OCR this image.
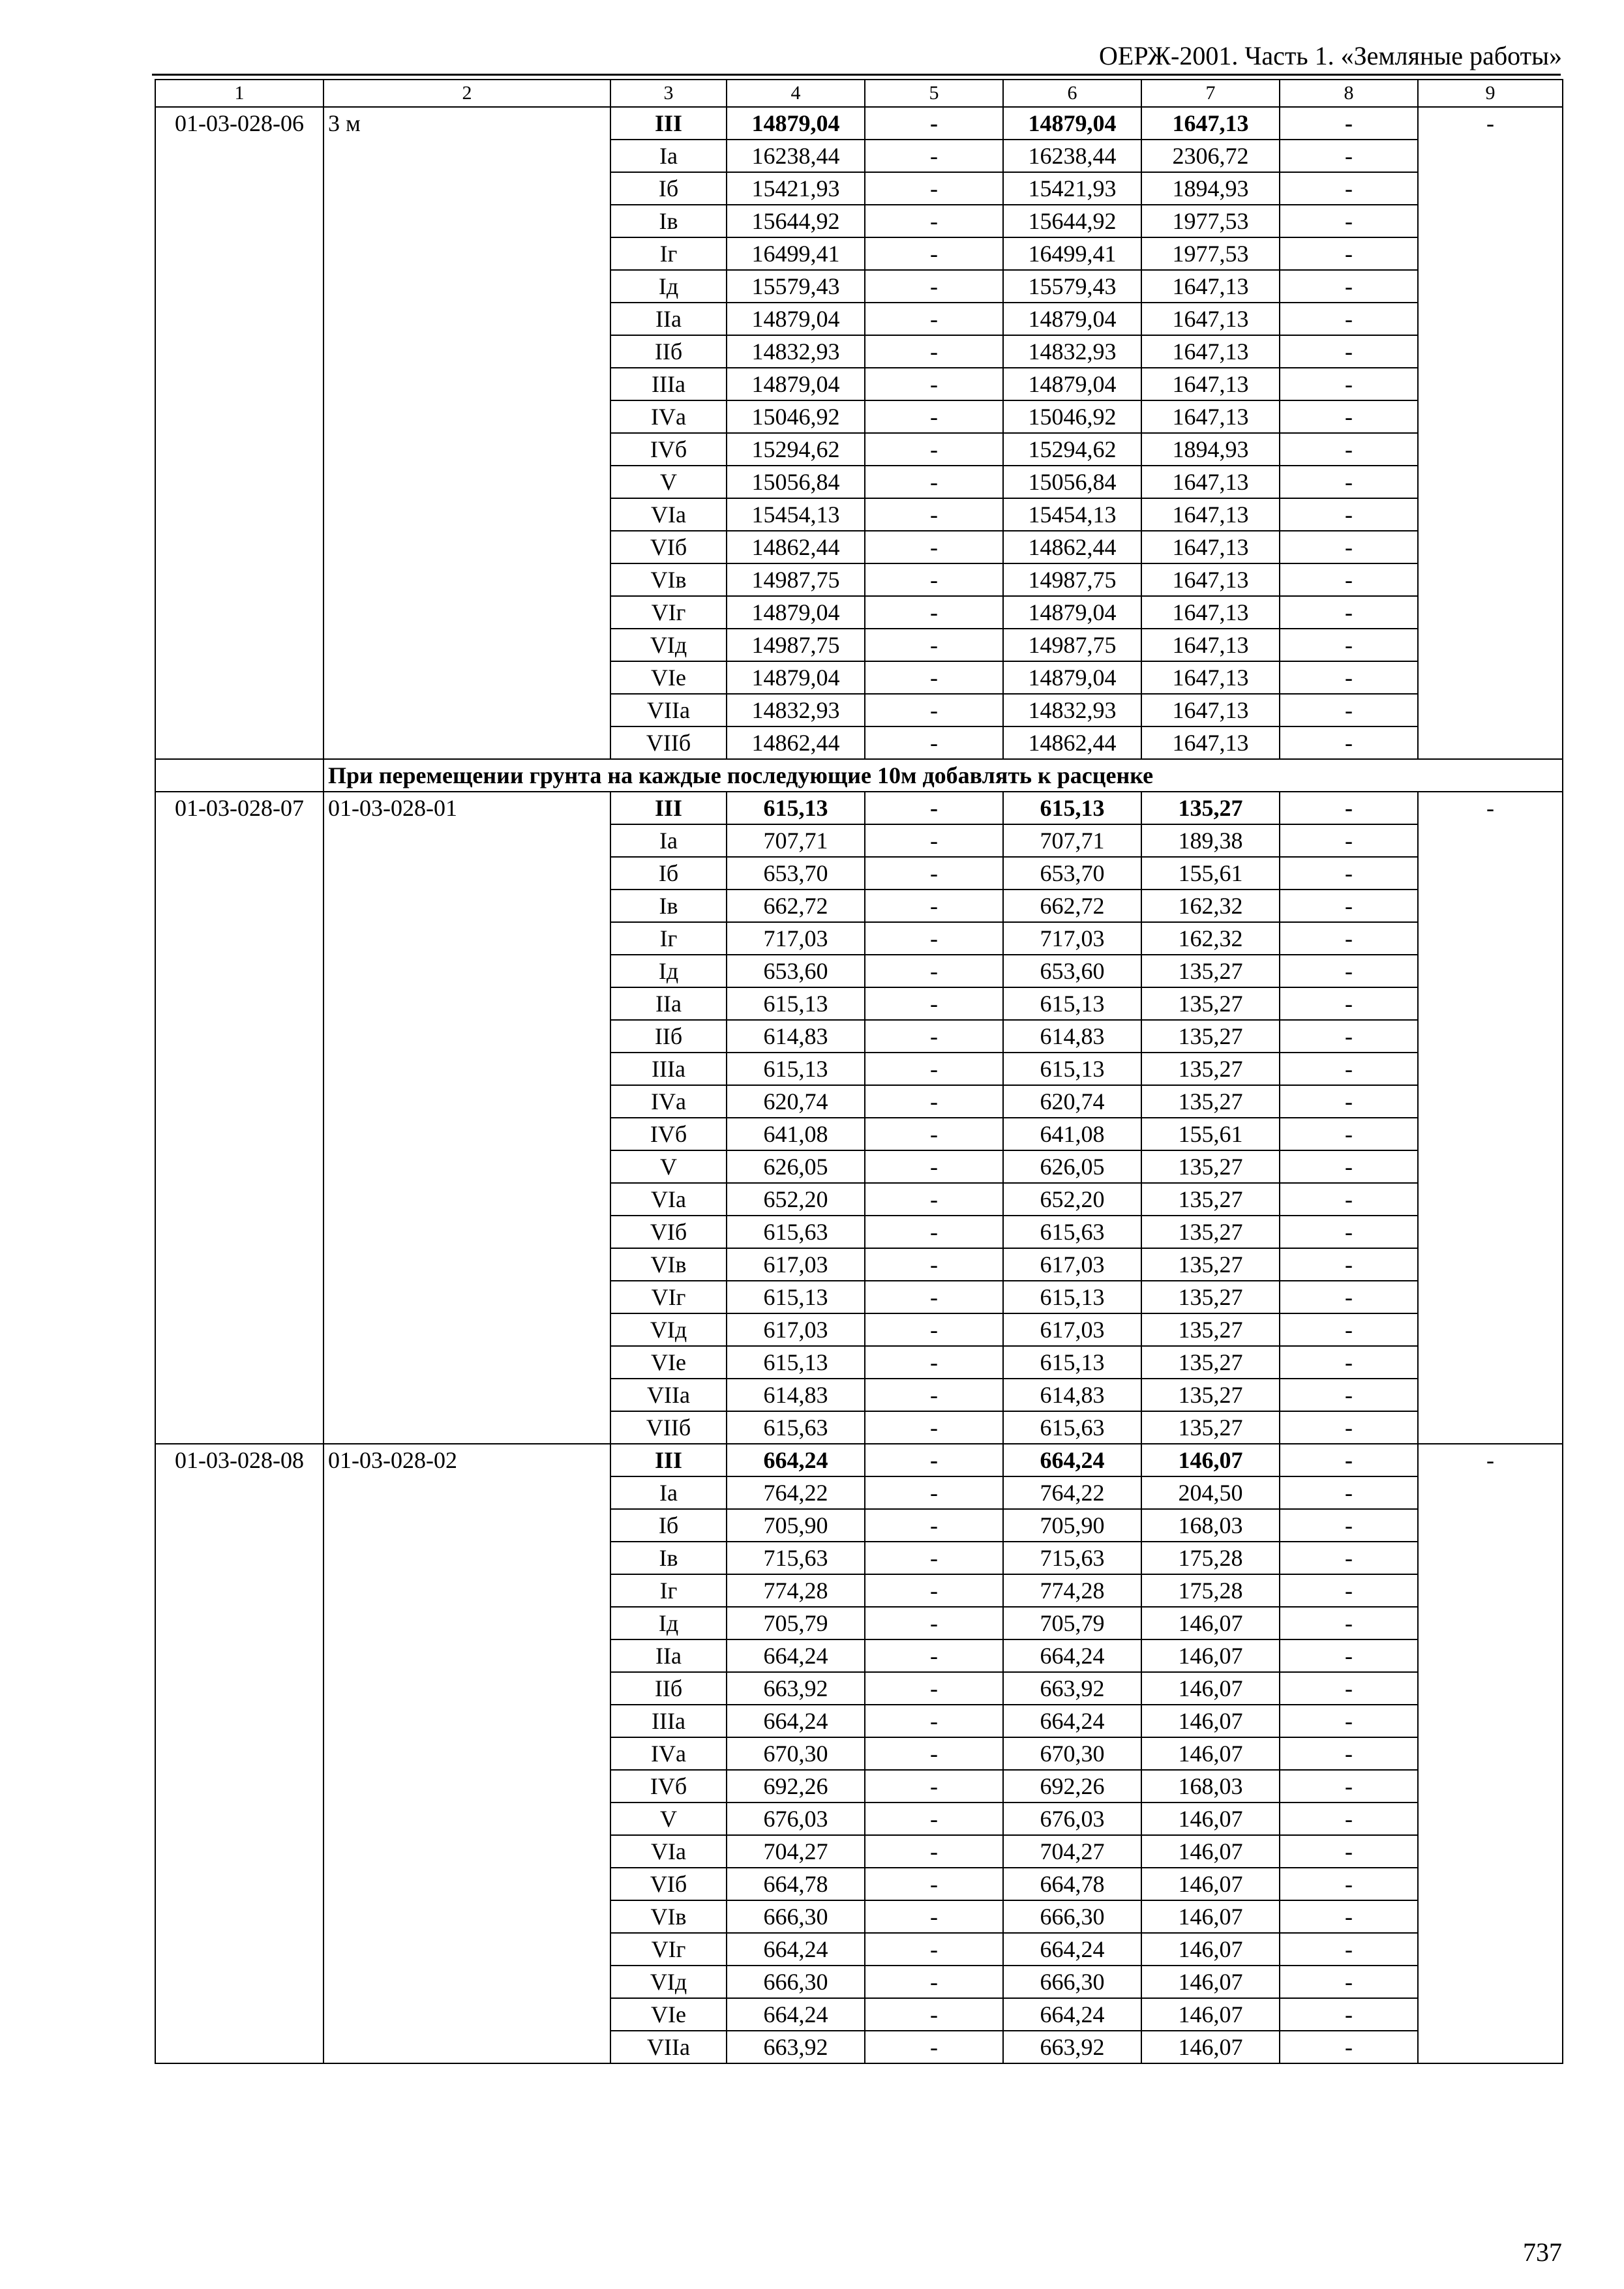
ОЕРЖ-2001. Часть 1. «Земляные работы»
1	2	3	4	5	6	7	8	9
01-03-028-06	3 м	III	14879,04	-	14879,04	1647,13	-	-
		Iа	16238,44	-	16238,44	2306,72	-	
		Iб	15421,93	-	15421,93	1894,93	-	
		Iв	15644,92	-	15644,92	1977,53	-	
		Iг	16499,41	-	16499,41	1977,53	-	
		Iд	15579,43	-	15579,43	1647,13	-	
		IIа	14879,04	-	14879,04	1647,13	-	
		IIб	14832,93	-	14832,93	1647,13	-	
		IIIа	14879,04	-	14879,04	1647,13	-	
		IVа	15046,92	-	15046,92	1647,13	-	
		IVб	15294,62	-	15294,62	1894,93	-	
		V	15056,84	-	15056,84	1647,13	-	
		VIа	15454,13	-	15454,13	1647,13	-	
		VIб	14862,44	-	14862,44	1647,13	-	
		VIв	14987,75	-	14987,75	1647,13	-	
		VIг	14879,04	-	14879,04	1647,13	-	
		VIд	14987,75	-	14987,75	1647,13	-	
		VIе	14879,04	-	14879,04	1647,13	-	
		VIIа	14832,93	-	14832,93	1647,13	-	
		VIIб	14862,44	-	14862,44	1647,13	-	
	При перемещении грунта на каждые последующие 10м добавлять к расценке							
01-03-028-07	01-03-028-01	III	615,13	-	615,13	135,27	-	-
		Iа	707,71	-	707,71	189,38	-	
		Iб	653,70	-	653,70	155,61	-	
		Iв	662,72	-	662,72	162,32	-	
		Iг	717,03	-	717,03	162,32	-	
		Iд	653,60	-	653,60	135,27	-	
		IIа	615,13	-	615,13	135,27	-	
		IIб	614,83	-	614,83	135,27	-	
		IIIа	615,13	-	615,13	135,27	-	
		IVа	620,74	-	620,74	135,27	-	
		IVб	641,08	-	641,08	155,61	-	
		V	626,05	-	626,05	135,27	-	
		VIа	652,20	-	652,20	135,27	-	
		VIб	615,63	-	615,63	135,27	-	
		VIв	617,03	-	617,03	135,27	-	
		VIг	615,13	-	615,13	135,27	-	
		VIд	617,03	-	617,03	135,27	-	
		VIе	615,13	-	615,13	135,27	-	
		VIIа	614,83	-	614,83	135,27	-	
		VIIб	615,63	-	615,63	135,27	-	
01-03-028-08	01-03-028-02	III	664,24	-	664,24	146,07	-	-
		Iа	764,22	-	764,22	204,50	-	
		Iб	705,90	-	705,90	168,03	-	
		Iв	715,63	-	715,63	175,28	-	
		Iг	774,28	-	774,28	175,28	-	
		Iд	705,79	-	705,79	146,07	-	
		IIа	664,24	-	664,24	146,07	-	
		IIб	663,92	-	663,92	146,07	-	
		IIIа	664,24	-	664,24	146,07	-	
		IVа	670,30	-	670,30	146,07	-	
		IVб	692,26	-	692,26	168,03	-	
		V	676,03	-	676,03	146,07	-	
		VIа	704,27	-	704,27	146,07	-	
		VIб	664,78	-	664,78	146,07	-	
		VIв	666,30	-	666,30	146,07	-	
		VIг	664,24	-	664,24	146,07	-	
		VIд	666,30	-	666,30	146,07	-	
		VIе	664,24	-	664,24	146,07	-	
		VIIа	663,92	-	663,92	146,07	-	
737
